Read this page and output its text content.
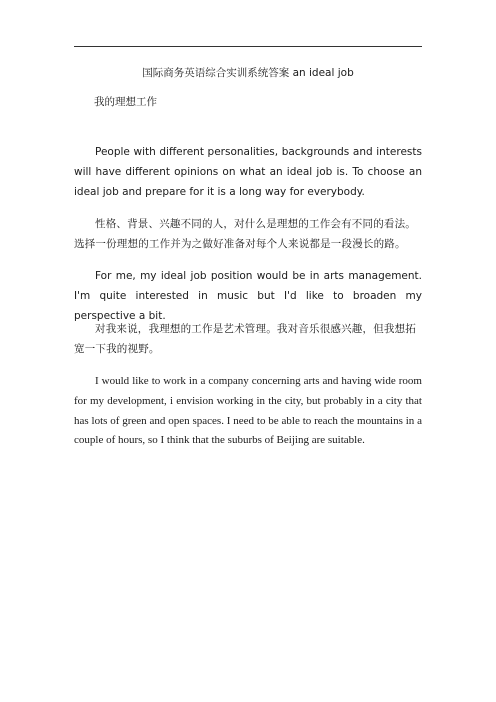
国际商务英语综合实训系统答案 an ideal job
我的理想工作

People with different personalities, backgrounds and interests will have different opinions on what an ideal job is. To choose an ideal job and prepare for it is a long way for everybody.

性格、背景、兴趣不同的人，对什么是理想的工作会有不同的看法。选择一份理想的工作并为之做好准备对每个人来说都是一段漫长的路。

For me, my ideal job position would be in arts management. I'm quite interested in music but I'd like to broaden my perspective a bit.

对我来说，我理想的工作是艺术管理。我对音乐很感兴趣，但我想拓宽一下我的视野。

I would like to work in a company concerning arts and having wide room for my development, i envision working in the city, but probably in a city that has lots of green and open spaces. I need to be able to reach the mountains in a couple of hours, so I think that the suburbs of Beijing are suitable.
